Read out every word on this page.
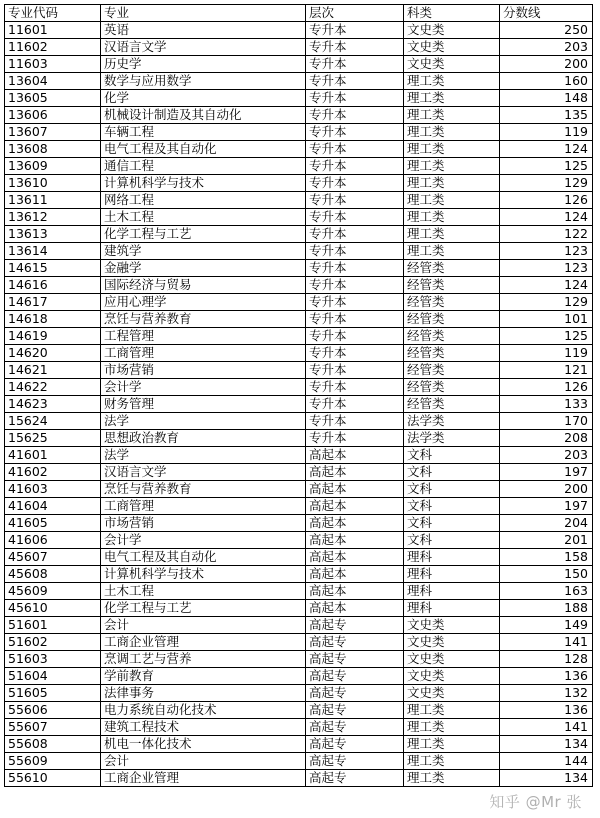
专业代码	专业	层次	科类	分数线
11601	英语	专升本	文史类	250
11602	汉语言文学	专升本	文史类	203
11603	历史学	专升本	文史类	200
13604	数学与应用数学	专升本	理工类	160
13605	化学	专升本	理工类	148
13606	机械设计制造及其自动化	专升本	理工类	135
13607	车辆工程	专升本	理工类	119
13608	电气工程及其自动化	专升本	理工类	124
13609	通信工程	专升本	理工类	125
13610	计算机科学与技术	专升本	理工类	129
13611	网络工程	专升本	理工类	126
13612	土木工程	专升本	理工类	124
13613	化学工程与工艺	专升本	理工类	122
13614	建筑学	专升本	理工类	123
14615	金融学	专升本	经管类	123
14616	国际经济与贸易	专升本	经管类	124
14617	应用心理学	专升本	经管类	129
14618	烹饪与营养教育	专升本	经管类	101
14619	工程管理	专升本	经管类	125
14620	工商管理	专升本	经管类	119
14621	市场营销	专升本	经管类	121
14622	会计学	专升本	经管类	126
14623	财务管理	专升本	经管类	133
15624	法学	专升本	法学类	170
15625	思想政治教育	专升本	法学类	208
41601	法学	高起本	文科	203
41602	汉语言文学	高起本	文科	197
41603	烹饪与营养教育	高起本	文科	200
41604	工商管理	高起本	文科	197
41605	市场营销	高起本	文科	204
41606	会计学	高起本	文科	201
45607	电气工程及其自动化	高起本	理科	158
45608	计算机科学与技术	高起本	理科	150
45609	土木工程	高起本	理科	163
45610	化学工程与工艺	高起本	理科	188
51601	会计	高起专	文史类	149
51602	工商企业管理	高起专	文史类	141
51603	烹调工艺与营养	高起专	文史类	128
51604	学前教育	高起专	文史类	136
51605	法律事务	高起专	文史类	132
55606	电力系统自动化技术	高起专	理工类	136
55607	建筑工程技术	高起专	理工类	141
55608	机电一体化技术	高起专	理工类	134
55609	会计	高起专	理工类	144
55610	工商企业管理	高起专	理工类	134
知乎 @Mr 张
